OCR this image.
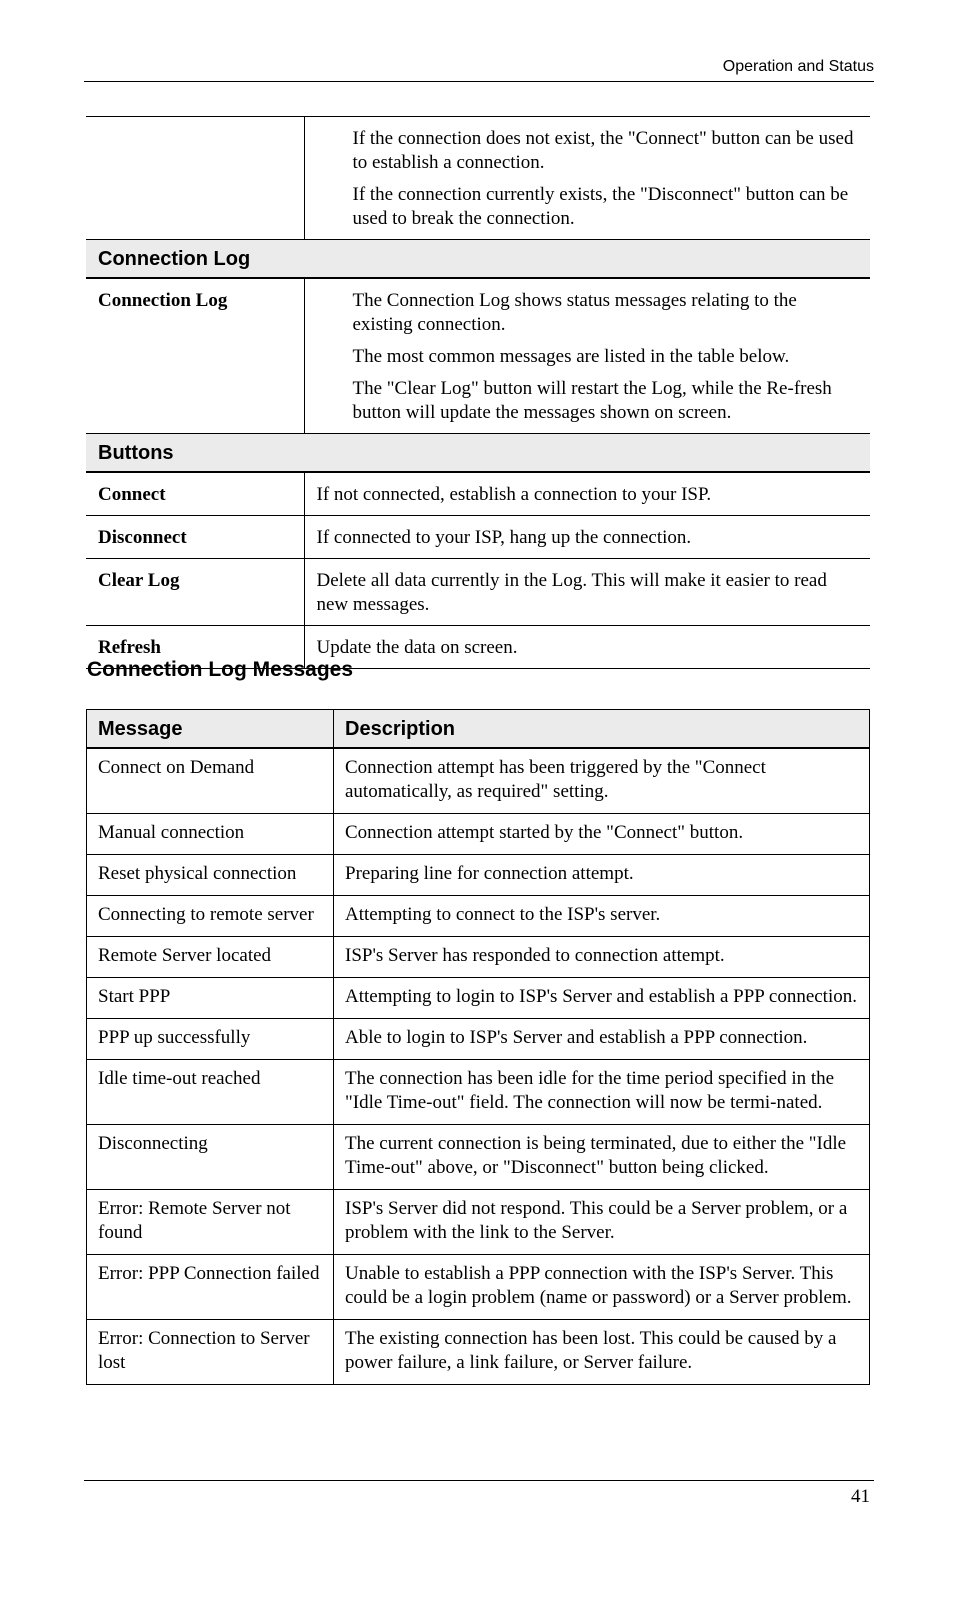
Operation and Status

	If the connection does not exist, the "Connect" button can be used to establish a connection.

If the connection currently exists, the "Disconnect" button can be used to break the connection.

Connection Log	
Connection Log	The Connection Log shows status messages relating to the existing connection.

The most common messages are listed in the table below.

The "Clear Log" button will restart the Log, while the Re-fresh button will update the messages shown on screen.

Buttons	
Connect	If not connected, establish a connection to your ISP.
Disconnect	If connected to your ISP, hang up the connection.
Clear Log	Delete all data currently in the Log. This will make it easier to read new messages.
Refresh	Update the data on screen.
Connection Log Messages
Message	Description
Connect on Demand	Connection attempt has been triggered by the "Connect automatically, as required" setting.
Manual connection	Connection attempt started by the "Connect" button.
Reset physical connection	Preparing line for connection attempt.
Connecting to remote server	Attempting to connect to the ISP's server.
Remote Server located	ISP's Server has responded to connection attempt.
Start PPP	Attempting to login to ISP's Server and establish a PPP connection.
PPP up successfully	Able to login to ISP's Server and establish a PPP connection.
Idle time-out reached	The connection has been idle for the time period specified in the "Idle Time-out" field. The connection will now be termi-nated.
Disconnecting	The current connection is being terminated, due to either the "Idle Time-out" above, or "Disconnect" button being clicked.
Error: Remote Server not found	ISP's Server did not respond. This could be a Server problem, or a problem with the link to the Server.
Error: PPP Connection failed	Unable to establish a PPP connection with the ISP's Server. This could be a login problem (name or password) or a Server problem.
Error: Connection to Server lost	The existing connection has been lost. This could be caused by a power failure, a link failure, or Server failure.
41
